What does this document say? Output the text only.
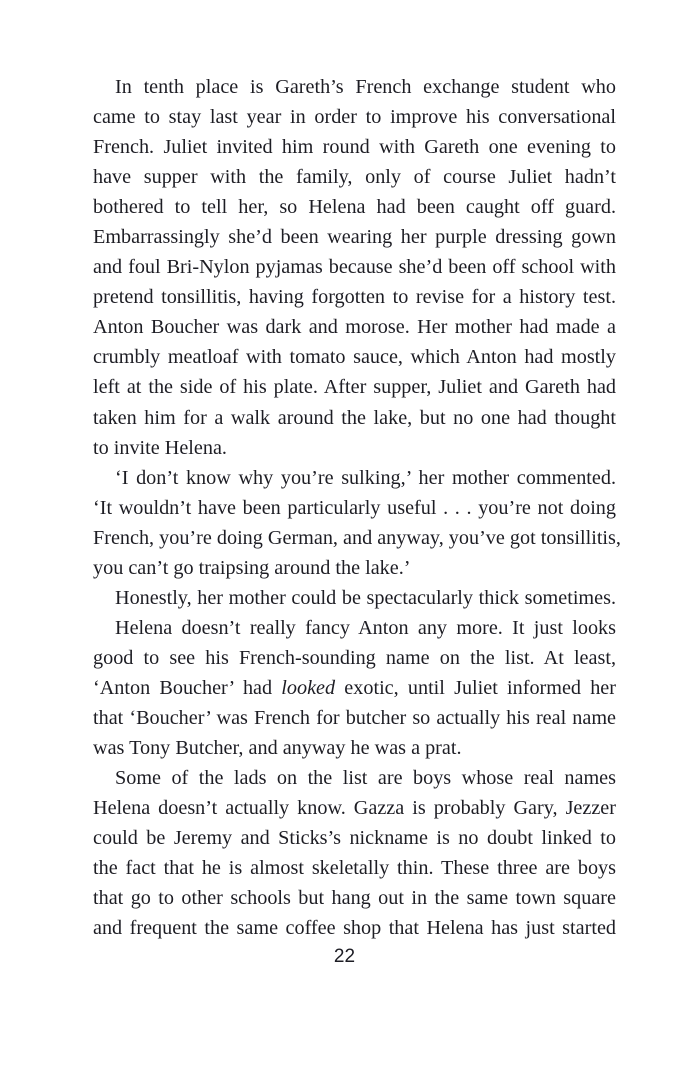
In tenth place is Gareth’s French exchange student who
came to stay last year in order to improve his conversational
French. Juliet invited him round with Gareth one evening to
have supper with the family, only of course Juliet hadn’t
bothered to tell her, so Helena had been caught off guard.
Embarrassingly she’d been wearing her purple dressing gown
and foul Bri-Nylon pyjamas because she’d been off school with
pretend tonsillitis, having forgotten to revise for a history test.
Anton Boucher was dark and morose. Her mother had made a
crumbly meatloaf with tomato sauce, which Anton had mostly
left at the side of his plate. After supper, Juliet and Gareth had
taken him for a walk around the lake, but no one had thought
to invite Helena.
‘I don’t know why you’re sulking,’ her mother commented.
‘It wouldn’t have been particularly useful . . . you’re not doing
French, you’re doing German, and anyway, you’ve got tonsillitis,
you can’t go traipsing around the lake.’
Honestly, her mother could be spectacularly thick sometimes.
Helena doesn’t really fancy Anton any more. It just looks
good to see his French-sounding name on the list. At least,
‘Anton Boucher’ had looked exotic, until Juliet informed her
that ‘Boucher’ was French for butcher so actually his real name
was Tony Butcher, and anyway he was a prat.
Some of the lads on the list are boys whose real names
Helena doesn’t actually know. Gazza is probably Gary, Jezzer
could be Jeremy and Sticks’s nickname is no doubt linked to
the fact that he is almost skeletally thin. These three are boys
that go to other schools but hang out in the same town square
and frequent the same coffee shop that Helena has just started
22
